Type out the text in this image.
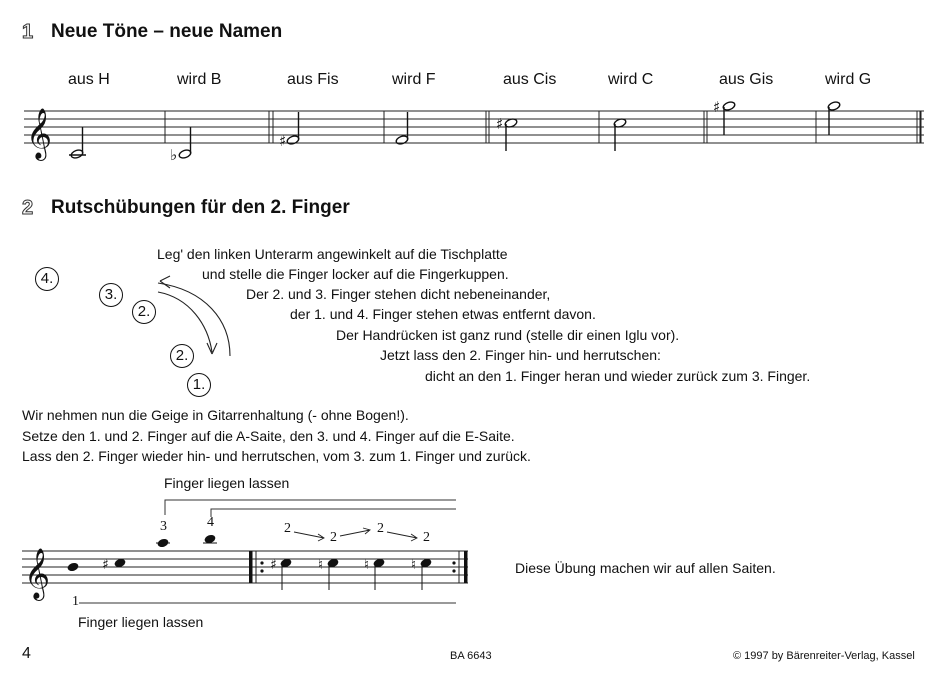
1 Neue Töne – neue Namen
aus H	wird B	aus Fis	wird F	aus Cis	wird C	aus Gis	wird G
𝄞	♭
♯
♯
♯
2 Rutschübungen für den 2. Finger
4.
3.
2.
2.
1.
Leg' den linken Unterarm angewinkelt auf die Tischplatte
und stelle die Finger locker auf die Fingerkuppen.
Der 2. und 3. Finger stehen dicht nebeneinander,
der 1. und 4. Finger stehen etwas entfernt davon.
Der Handrücken ist ganz rund (stelle dir einen Iglu vor).
Jetzt lass den 2. Finger hin- und herrutschen:
dicht an den 1. Finger heran und wieder zurück zum 3. Finger.
Wir nehmen nun die Geige in Gitarrenhaltung (- ohne Bogen!).
Setze den 1. und 2. Finger auf die A-Saite, den 3. und 4. Finger auf die E-Saite.
Lass den 2. Finger wieder hin- und herrutschen, vom 3. zum 1. Finger und zurück.
Finger liegen lassen
𝄞	♯	♯	♮	♮	♮
3	4
1
2
2
2
2
Finger liegen lassen
Diese Übung machen wir auf allen Saiten.
4	BA 6643	© 1997 by Bärenreiter-Verlag, Kassel
